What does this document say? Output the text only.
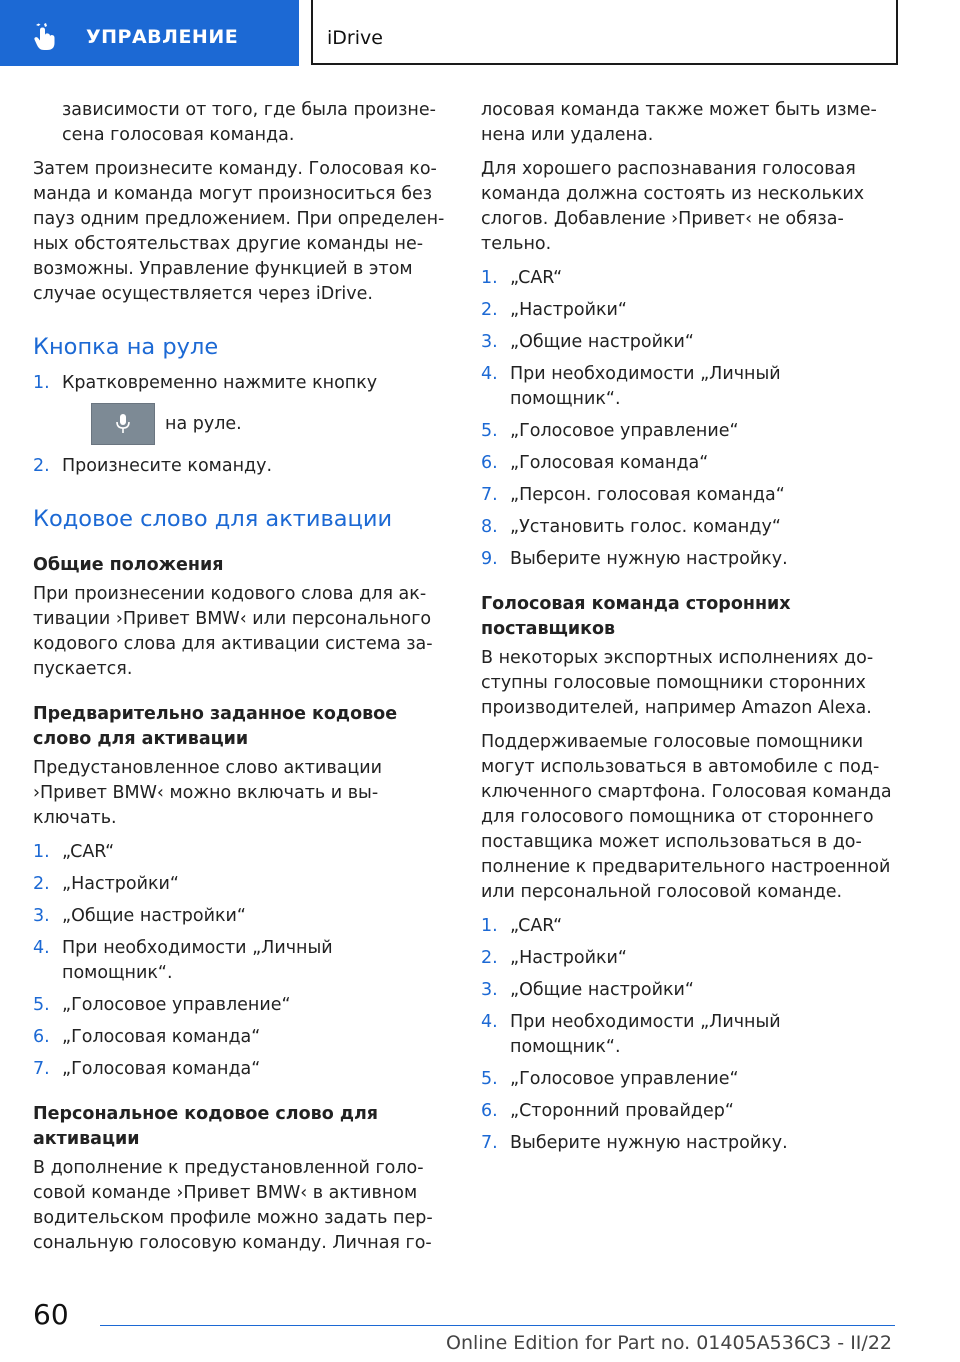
УПРАВЛЕНИЕ	iDrive

зависимости от того, где была произне-сена голосовая команда.

Затем произнесите команду. Голосовая ко-манда и команда могут произноситься без пауз одним предложением. При определен-ных обстоятельствах другие команды не-возможны. Управление функцией в этом случае осуществляется через iDrive.

Кнопка на руле
1. Кратковременно нажмите кнопку
на руле.
2. Произнесите команду.
Кодовое слово для активации
Общие положения

При произнесении кодового слова для ак-тивации ›Привет BMW‹ или персонального кодового слова для активации система за-пускается.

Предварительно заданное кодовое слово для активации

Предустановленное слово активации ›Привет BMW‹ можно включать и вы-ключать.

1. „CAR“
2. „Настройки“
3. „Общие настройки“
4. При необходимости „Личный помощник“.
5. „Голосовое управление“
6. „Голосовая команда“
7. „Голосовая команда“
Персональное кодовое слово для активации

В дополнение к предустановленной голо-совой команде ›Привет BMW‹ в активном водительском профиле можно задать пер-сональную голосовую команду. Личная го-

лосовая команда также может быть изме-нена или удалена.

Для хорошего распознавания голосовая команда должна состоять из нескольких слогов. Добавление ›Привет‹ не обяза-тельно.

1. „CAR“
2. „Настройки“
3. „Общие настройки“
4. При необходимости „Личный помощник“.
5. „Голосовое управление“
6. „Голосовая команда“
7. „Персон. голосовая команда“
8. „Установить голос. команду“
9. Выберите нужную настройку.
Голосовая команда сторонних поставщиков

В некоторых экспортных исполнениях до-ступны голосовые помощники сторонних производителей, например Amazon Alexa.

Поддерживаемые голосовые помощники могут использоваться в автомобиле с под-ключенного смартфона. Голосовая команда для голосового помощника от стороннего поставщика может использоваться в до-полнение к предварительного настроенной или персональной голосовой команде.

1. „CAR“
2. „Настройки“
3. „Общие настройки“
4. При необходимости „Личный помощник“.
5. „Голосовое управление“
6. „Сторонний провайдер“
7. Выберите нужную настройку.
60
Online Edition for Part no. 01405A536C3 - II/22
